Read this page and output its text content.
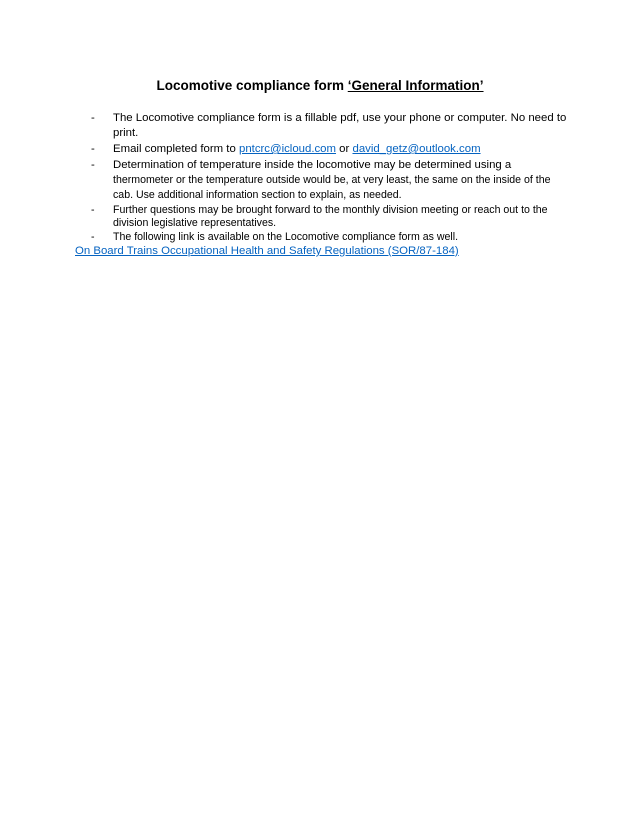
Locomotive compliance form ‘General Information’
- The Locomotive compliance form is a fillable pdf, use your phone or computer. No need to print.
- Email completed form to pntcrc@icloud.com or david_getz@outlook.com
- Determination of temperature inside the locomotive may be determined using a
thermometer or the temperature outside would be, at very least, the same on the inside of the cab. Use additional information section to explain, as needed.
- Further questions may be brought forward to the monthly division meeting or reach out to the division legislative representatives.
- The following link is available on the Locomotive compliance form as well.
On Board Trains Occupational Health and Safety Regulations (SOR/87-184)
